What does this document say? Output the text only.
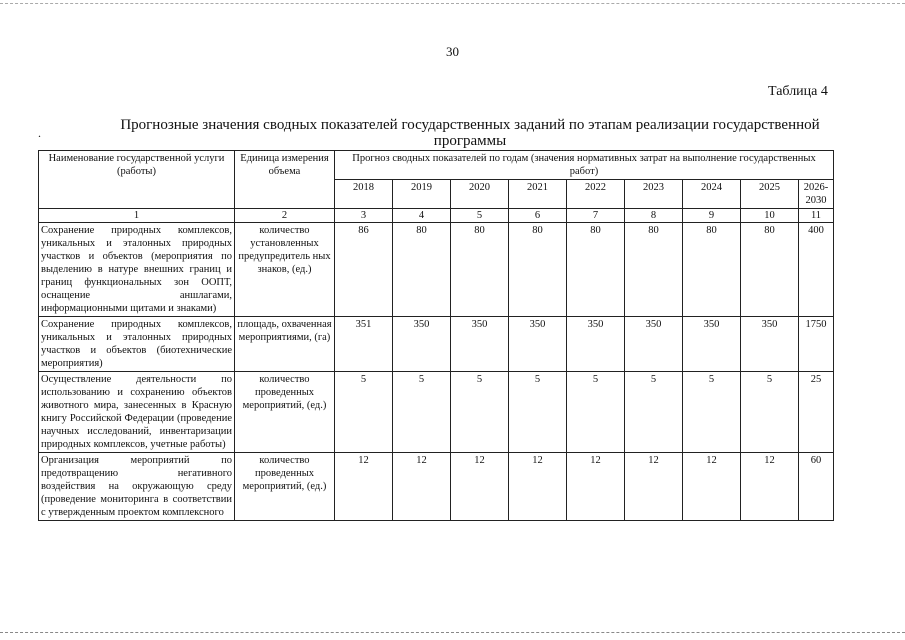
30
Таблица 4
.	Прогнозные значения сводных показателей государственных заданий по этапам реализации государственной программы
Наименование государственной услуги (работы)	Единица измерения объема	Прогноз сводных показателей по годам (значения нормативных затрат на выполнение государственных работ)								
		2018	2019	2020	2021	2022	2023	2024	2025	2026-2030
1	2	3	4	5	6	7	8	9	10	11
Сохранение природных комплексов, уникальных и эталонных природных участков и объектов (мероприятия по выделению в натуре внешних границ и границ функциональных зон ООПТ, оснащение аншлагами, информационными щитами и знаками)	количество установленных предупредитель ных знаков, (ед.)	86	80	80	80	80	80	80	80	400
Сохранение природных комплексов, уникальных и эталонных природных участков и объектов (биотехнические мероприятия)	площадь, охваченная мероприятиями, (га)	351	350	350	350	350	350	350	350	1750
Осуществление деятельности по использованию и сохранению объектов животного мира, занесенных в Красную книгу Российской Федерации (проведение научных исследований, инвентаризации природных комплексов, учетные работы)	количество проведенных мероприятий, (ед.)	5	5	5	5	5	5	5	5	25
Организация мероприятий по предотвращению негативного воздействия на окружающую среду (проведение мониторинга в соответствии с утвержденным проектом комплексного	количество проведенных мероприятий, (ед.)	12	12	12	12	12	12	12	12	60
